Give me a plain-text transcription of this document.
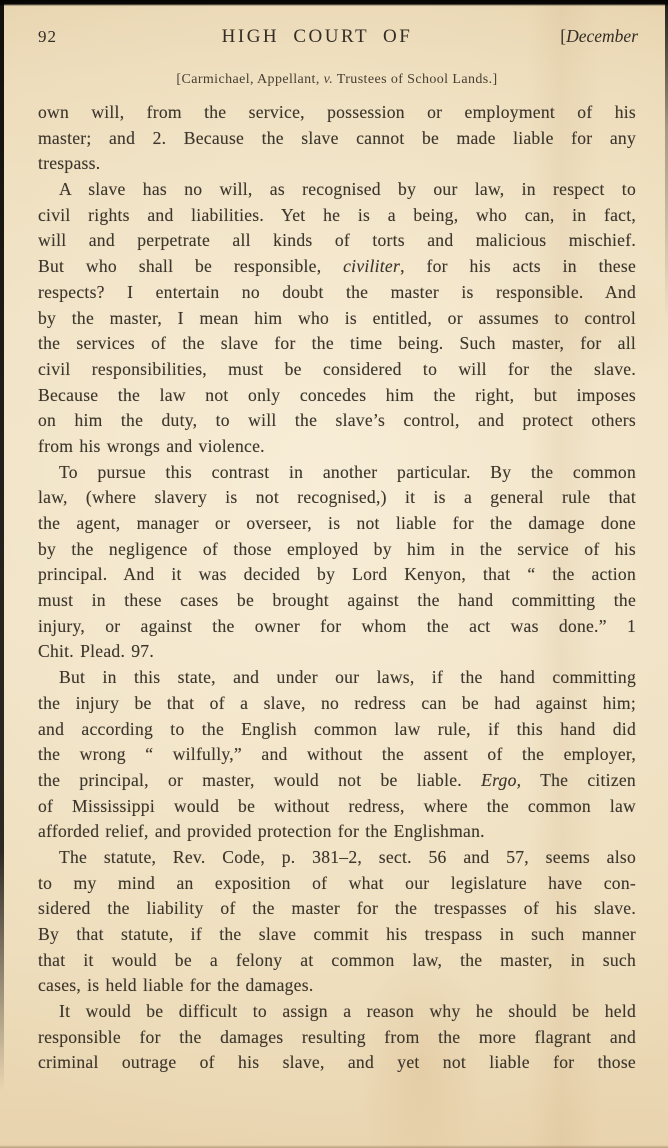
92	HIGH COURT OF	[December
[Carmichael, Appellant, v. Trustees of School Lands.]
own will, from the service, possession or employment of his
master; and 2. Because the slave cannot be made liable for any
trespass.
A slave has no will, as recognised by our law, in respect to
civil rights and liabilities. Yet he is a being, who can, in fact,
will and perpetrate all kinds of torts and malicious mischief.
But who shall be responsible, civiliter, for his acts in these
respects? I entertain no doubt the master is responsible. And
by the master, I mean him who is entitled, or assumes to control
the services of the slave for the time being. Such master, for all
civil responsibilities, must be considered to will for the slave.
Because the law not only concedes him the right, but imposes
on him the duty, to will the slave’s control, and protect others
from his wrongs and violence.
To pursue this contrast in another particular. By the common
law, (where slavery is not recognised,) it is a general rule that
the agent, manager or overseer, is not liable for the damage done
by the negligence of those employed by him in the service of his
principal. And it was decided by Lord Kenyon, that “ the action
must in these cases be brought against the hand committing the
injury, or against the owner for whom the act was done.” 1
Chit. Plead. 97.
But in this state, and under our laws, if the hand committing
the injury be that of a slave, no redress can be had against him;
and according to the English common law rule, if this hand did
the wrong “ wilfully,” and without the assent of the employer,
the principal, or master, would not be liable. Ergo, The citizen
of Mississippi would be without redress, where the common law
afforded relief, and provided protection for the Englishman.
The statute, Rev. Code, p. 381–2, sect. 56 and 57, seems also
to my mind an exposition of what our legislature have con-
sidered the liability of the master for the trespasses of his slave.
By that statute, if the slave commit his trespass in such manner
that it would be a felony at common law, the master, in such
cases, is held liable for the damages.
It would be difficult to assign a reason why he should be held
responsible for the damages resulting from the more flagrant and
criminal outrage of his slave, and yet not liable for those
